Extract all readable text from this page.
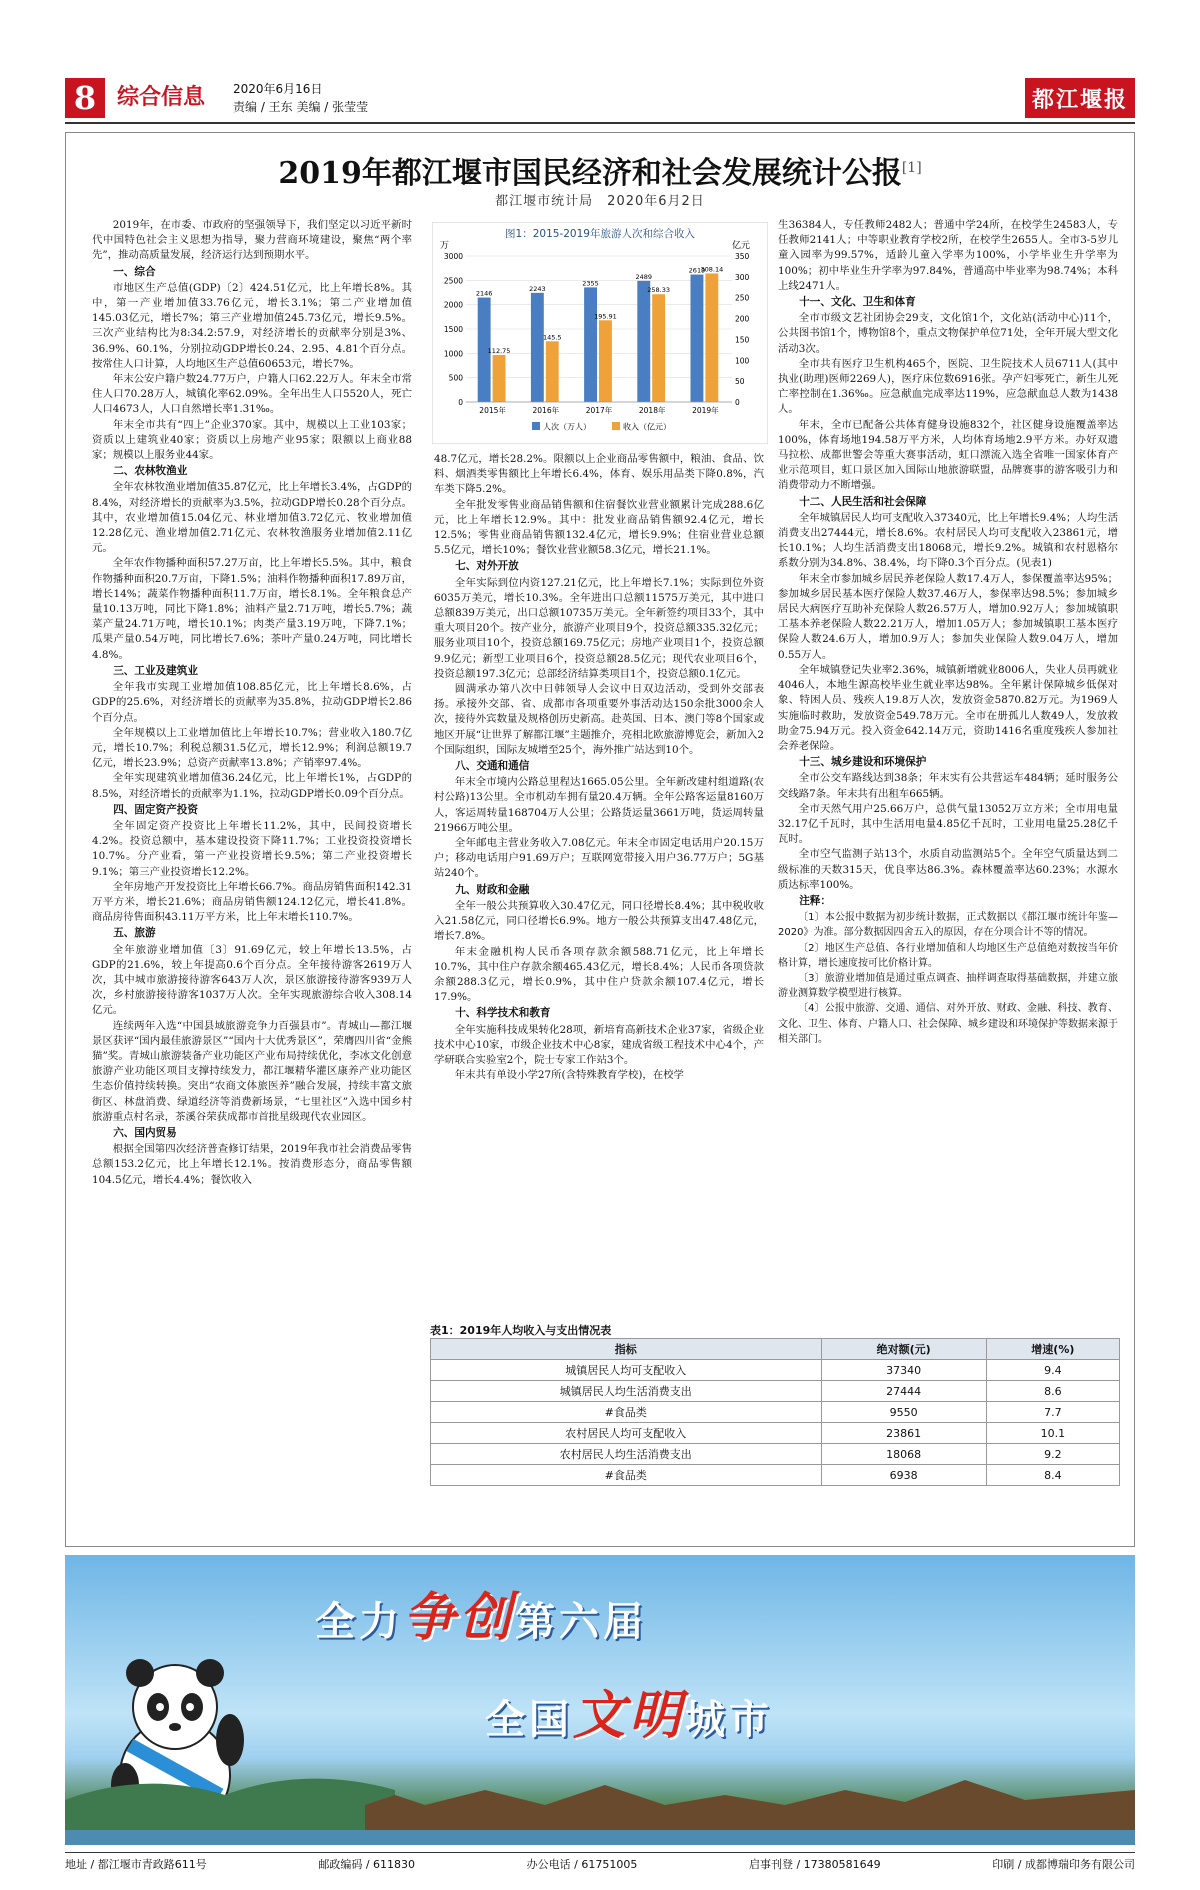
8 综合信息 2020年6月16日
责编 / 王东 美编 / 张莹莹	都江堰报
2019年都江堰市国民经济和社会发展统计公报[1]
都江堰市统计局　2020年6月2日

2019年，在市委、市政府的坚强领导下，我们坚定以习近平新时代中国特色社会主义思想为指导，聚力营商环境建设，聚焦“两个率先”，推动高质量发展，经济运行达到预期水平。

一、综合

市地区生产总值(GDP)〔2〕424.51亿元，比上年增长8%。其中，第一产业增加值33.76亿元，增长3.1%；第二产业增加值145.03亿元，增长7%；第三产业增加值245.73亿元，增长9.5%。三次产业结构比为8:34.2:57.9，对经济增长的贡献率分别是3%、36.9%、60.1%，分别拉动GDP增长0.24、2.95、4.81个百分点。按常住人口计算，人均地区生产总值60653元，增长7%。

年末公安户籍户数24.77万户，户籍人口62.22万人。年末全市常住人口70.28万人，城镇化率62.09%。全年出生人口5520人，死亡人口4673人，人口自然增长率1.31‰。

年末全市共有“四上”企业370家。其中，规模以上工业103家；资质以上建筑业40家；资质以上房地产业95家；限额以上商业88家；规模以上服务业44家。

二、农林牧渔业

全年农林牧渔业增加值35.87亿元，比上年增长3.4%，占GDP的8.4%，对经济增长的贡献率为3.5%，拉动GDP增长0.28个百分点。其中，农业增加值15.04亿元、林业增加值3.72亿元、牧业增加值12.28亿元、渔业增加值2.71亿元、农林牧渔服务业增加值2.11亿元。

全年农作物播种面积57.27万亩，比上年增长5.5%。其中，粮食作物播种面积20.7万亩，下降1.5%；油料作物播种面积17.89万亩，增长14%；蔬菜作物播种面积11.7万亩，增长8.1%。全年粮食总产量10.13万吨，同比下降1.8%；油料产量2.71万吨，增长5.7%；蔬菜产量24.71万吨，增长10.1%；肉类产量3.19万吨，下降7.1%；瓜果产量0.54万吨，同比增长7.6%；茶叶产量0.24万吨，同比增长4.8%。

三、工业及建筑业

全年我市实现工业增加值108.85亿元，比上年增长8.6%，占GDP的25.6%，对经济增长的贡献率为35.8%，拉动GDP增长2.86个百分点。

全年规模以上工业增加值比上年增长10.7%；营业收入180.7亿元，增长10.7%；利税总额31.5亿元，增长12.9%；利润总额19.7亿元，增长23.9%；总资产贡献率13.8%；产销率97.4%。

全年实现建筑业增加值36.24亿元，比上年增长1%，占GDP的8.5%，对经济增长的贡献率为1.1%，拉动GDP增长0.09个百分点。

四、固定资产投资

全年固定资产投资比上年增长11.2%，其中，民间投资增长4.2%。投资总额中，基本建设投资下降11.7%；工业投资投资增长10.7%。分产业看，第一产业投资增长9.5%；第二产业投资增长9.1%；第三产业投资增长12.2%。

全年房地产开发投资比上年增长66.7%。商品房销售面积142.31万平方米，增长21.6%；商品房销售额124.12亿元，增长41.8%。商品房待售面积43.11万平方米，比上年末增长110.7%。

五、旅游

全年旅游业增加值〔3〕91.69亿元，较上年增长13.5%，占GDP的21.6%，较上年提高0.6个百分点。全年接待游客2619万人次，其中城市旅游接待游客643万人次，景区旅游接待游客939万人次，乡村旅游接待游客1037万人次。全年实现旅游综合收入308.14亿元。

连续两年入选“中国县域旅游竞争力百强县市”。青城山—都江堰景区获评“国内最佳旅游景区”“国内十大优秀景区”，荣膺四川省“金熊猫”奖。青城山旅游装备产业功能区产业布局持续优化，李冰文化创意旅游产业功能区项目支撑持续发力，都江堰精华灌区康养产业功能区生态价值持续转换。突出“农商文体旅医养”融合发展，持续丰富文旅街区、林盘消费、绿道经济等消费新场景，“七里社区”入选中国乡村旅游重点村名录，茶溪谷荣获成都市首批星级现代农业园区。

六、国内贸易

根据全国第四次经济普查修订结果，2019年我市社会消费品零售总额153.2亿元，比上年增长12.1%。按消费形态分，商品零售额104.5亿元，增长4.4%；餐饮收入

48.7亿元，增长28.2%。限额以上企业商品零售额中，粮油、食品、饮料、烟酒类零售额比上年增长6.4%，体育、娱乐用品类下降0.8%，汽车类下降5.2%。

全年批发零售业商品销售额和住宿餐饮业营业额累计完成288.6亿元，比上年增长12.9%。其中：批发业商品销售额92.4亿元，增长12.5%；零售业商品销售额132.4亿元，增长9.9%；住宿业营业总额5.5亿元，增长10%；餐饮业营业额58.3亿元，增长21.1%。

七、对外开放

全年实际到位内资127.21亿元，比上年增长7.1%；实际到位外资6035万美元，增长10.3%。全年进出口总额11575万美元，其中进口总额839万美元，出口总额10735万美元。全年新签约项目33个，其中重大项目20个。按产业分，旅游产业项目9个，投资总额335.32亿元；服务业项目10个，投资总额169.75亿元；房地产业项目1个，投资总额9.9亿元；新型工业项目6个，投资总额28.5亿元；现代农业项目6个，投资总额197.3亿元；总部经济结算类项目1个，投资总额0.1亿元。

圆满承办第八次中日韩领导人会议中日双边活动，受到外交部表扬。承接外交部、省、成都市各项重要外事活动达150余批3000余人次，接待外宾数量及规格创历史新高。赴英国、日本、澳门等8个国家或地区开展“让世界了解都江堰”主题推介，亮相北欧旅游博览会，新加入2个国际组织，国际友城增至25个，海外推广站达到10个。

八、交通和通信

年末全市境内公路总里程达1665.05公里。全年新改建村组道路(农村公路)13公里。全市机动车拥有量20.4万辆。全年公路客运量8160万人，客运周转量168704万人公里；公路货运量3661万吨，货运周转量21966万吨公里。

全年邮电主营业务收入7.08亿元。年末全市固定电话用户20.15万户；移动电话用户91.69万户；互联网宽带接入用户36.77万户；5G基站240个。

九、财政和金融

全年一般公共预算收入30.47亿元，同口径增长8.4%；其中税收收入21.58亿元，同口径增长6.9%。地方一般公共预算支出47.48亿元，增长7.8%。

年末金融机构人民币各项存款余额588.71亿元，比上年增长10.7%，其中住户存款余额465.43亿元，增长8.4%；人民币各项贷款余额288.3亿元，增长0.9%，其中住户贷款余额107.4亿元，增长17.9%。

十、科学技术和教育

全年实施科技成果转化28项，新培育高新技术企业37家，省级企业技术中心10家，市级企业技术中心8家，建成省级工程技术中心4个，产学研联合实验室2个，院士专家工作站3个。

年末共有单设小学27所(含特殊教育学校)，在校学

生36384人，专任教师2482人；普通中学24所，在校学生24583人，专任教师2141人；中等职业教育学校2所，在校学生2655人。全市3-5岁儿童入园率为99.57%，适龄儿童入学率为100%，小学毕业生升学率为100%；初中毕业生升学率为97.84%，普通高中毕业率为98.74%；本科上线2471人。

十一、文化、卫生和体育

全市市级文艺社团协会29支，文化馆1个，文化站(活动中心)11个，公共图书馆1个，博物馆8个，重点文物保护单位71处，全年开展大型文化活动3次。

全市共有医疗卫生机构465个，医院、卫生院技术人员6711人(其中执业(助理)医师2269人)，医疗床位数6916张。孕产妇零死亡，新生儿死亡率控制在1.36‰。应急献血完成率达119%，应急献血总人数为1438人。

年末，全市已配备公共体育健身设施832个，社区健身设施覆盖率达100%，体育场地194.58万平方米，人均体育场地2.9平方米。办好双遗马拉松、成都世警会等重大赛事活动，虹口漂流入选全省唯一国家体育产业示范项目，虹口景区加入国际山地旅游联盟，品牌赛事的游客吸引力和消费带动力不断增强。

十二、人民生活和社会保障

全年城镇居民人均可支配收入37340元，比上年增长9.4%；人均生活消费支出27444元，增长8.6%。农村居民人均可支配收入23861元，增长10.1%；人均生活消费支出18068元，增长9.2%。城镇和农村恩格尔系数分别为34.8%、38.4%，均下降0.3个百分点。(见表1)

年末全市参加城乡居民养老保险人数17.4万人，参保覆盖率达95%；参加城乡居民基本医疗保险人数37.46万人，参保率达98.5%；参加城乡居民大病医疗互助补充保险人数26.57万人，增加0.92万人；参加城镇职工基本养老保险人数22.21万人，增加1.05万人；参加城镇职工基本医疗保险人数24.6万人，增加0.9万人；参加失业保险人数9.04万人，增加0.55万人。

全年城镇登记失业率2.36%，城镇新增就业8006人，失业人员再就业4046人，本地生源高校毕业生就业率达98%。全年累计保障城乡低保对象、特困人员、残疾人19.8万人次，发放资金5870.82万元。为1969人实施临时救助，发放资金549.78万元。全市在册孤儿人数49人，发放救助金75.94万元。投入资金642.14万元，资助1416名重度残疾人参加社会养老保险。

十三、城乡建设和环境保护

全市公交车路线达到38条；年末实有公共营运车484辆；延时服务公交线路7条。年末共有出租车665辆。

全市天然气用户25.66万户，总供气量13052万立方米；全市用电量32.17亿千瓦时，其中生活用电量4.85亿千瓦时，工业用电量25.28亿千瓦时。

全市空气监测子站13个，水质自动监测站5个。全年空气质量达到二级标准的天数315天，优良率达86.3%。森林覆盖率达60.23%；水源水质达标率100%。

注释：

〔1〕本公报中数据为初步统计数据，正式数据以《都江堰市统计年鉴—2020》为准。部分数据因四舍五入的原因，存在分项合计不等的情况。

〔2〕地区生产总值、各行业增加值和人均地区生产总值绝对数按当年价格计算，增长速度按可比价格计算。

〔3〕旅游业增加值是通过重点调查、抽样调查取得基础数据，并建立旅游业测算数学模型进行核算。

〔4〕公报中旅游、交通、通信、对外开放、财政、金融、科技、教育、文化、卫生、体育、户籍人口、社会保障、城乡建设和环境保护等数据来源于相关部门。

图1：2015-2019年旅游人次和综合收入
万	亿元
0
500
1000
1500
2000
2500
3000
0
50
100
150
200
250
300
350
2146
112.75
2015年
2243
145.5
2016年
2355
195.91
2017年
2489
258.33
2018年
2619
308.14
2019年
人次（万人）	收入（亿元）
表1：2019年人均收入与支出情况表
指标	绝对额(元)	增速(%)
城镇居民人均可支配收入	37340	9.4
城镇居民人均生活消费支出	27444	8.6
#食品类	9550	7.7
农村居民人均可支配收入	23861	10.1
农村居民人均生活消费支出	18068	9.2
#食品类	6938	8.4
全力争创第六届
全国文明城市
地址 / 都江堰市青政路611号	邮政编码 / 611830	办公电话 / 61751005	启事刊登 / 17380581649	印刷 / 成都博瑞印务有限公司
